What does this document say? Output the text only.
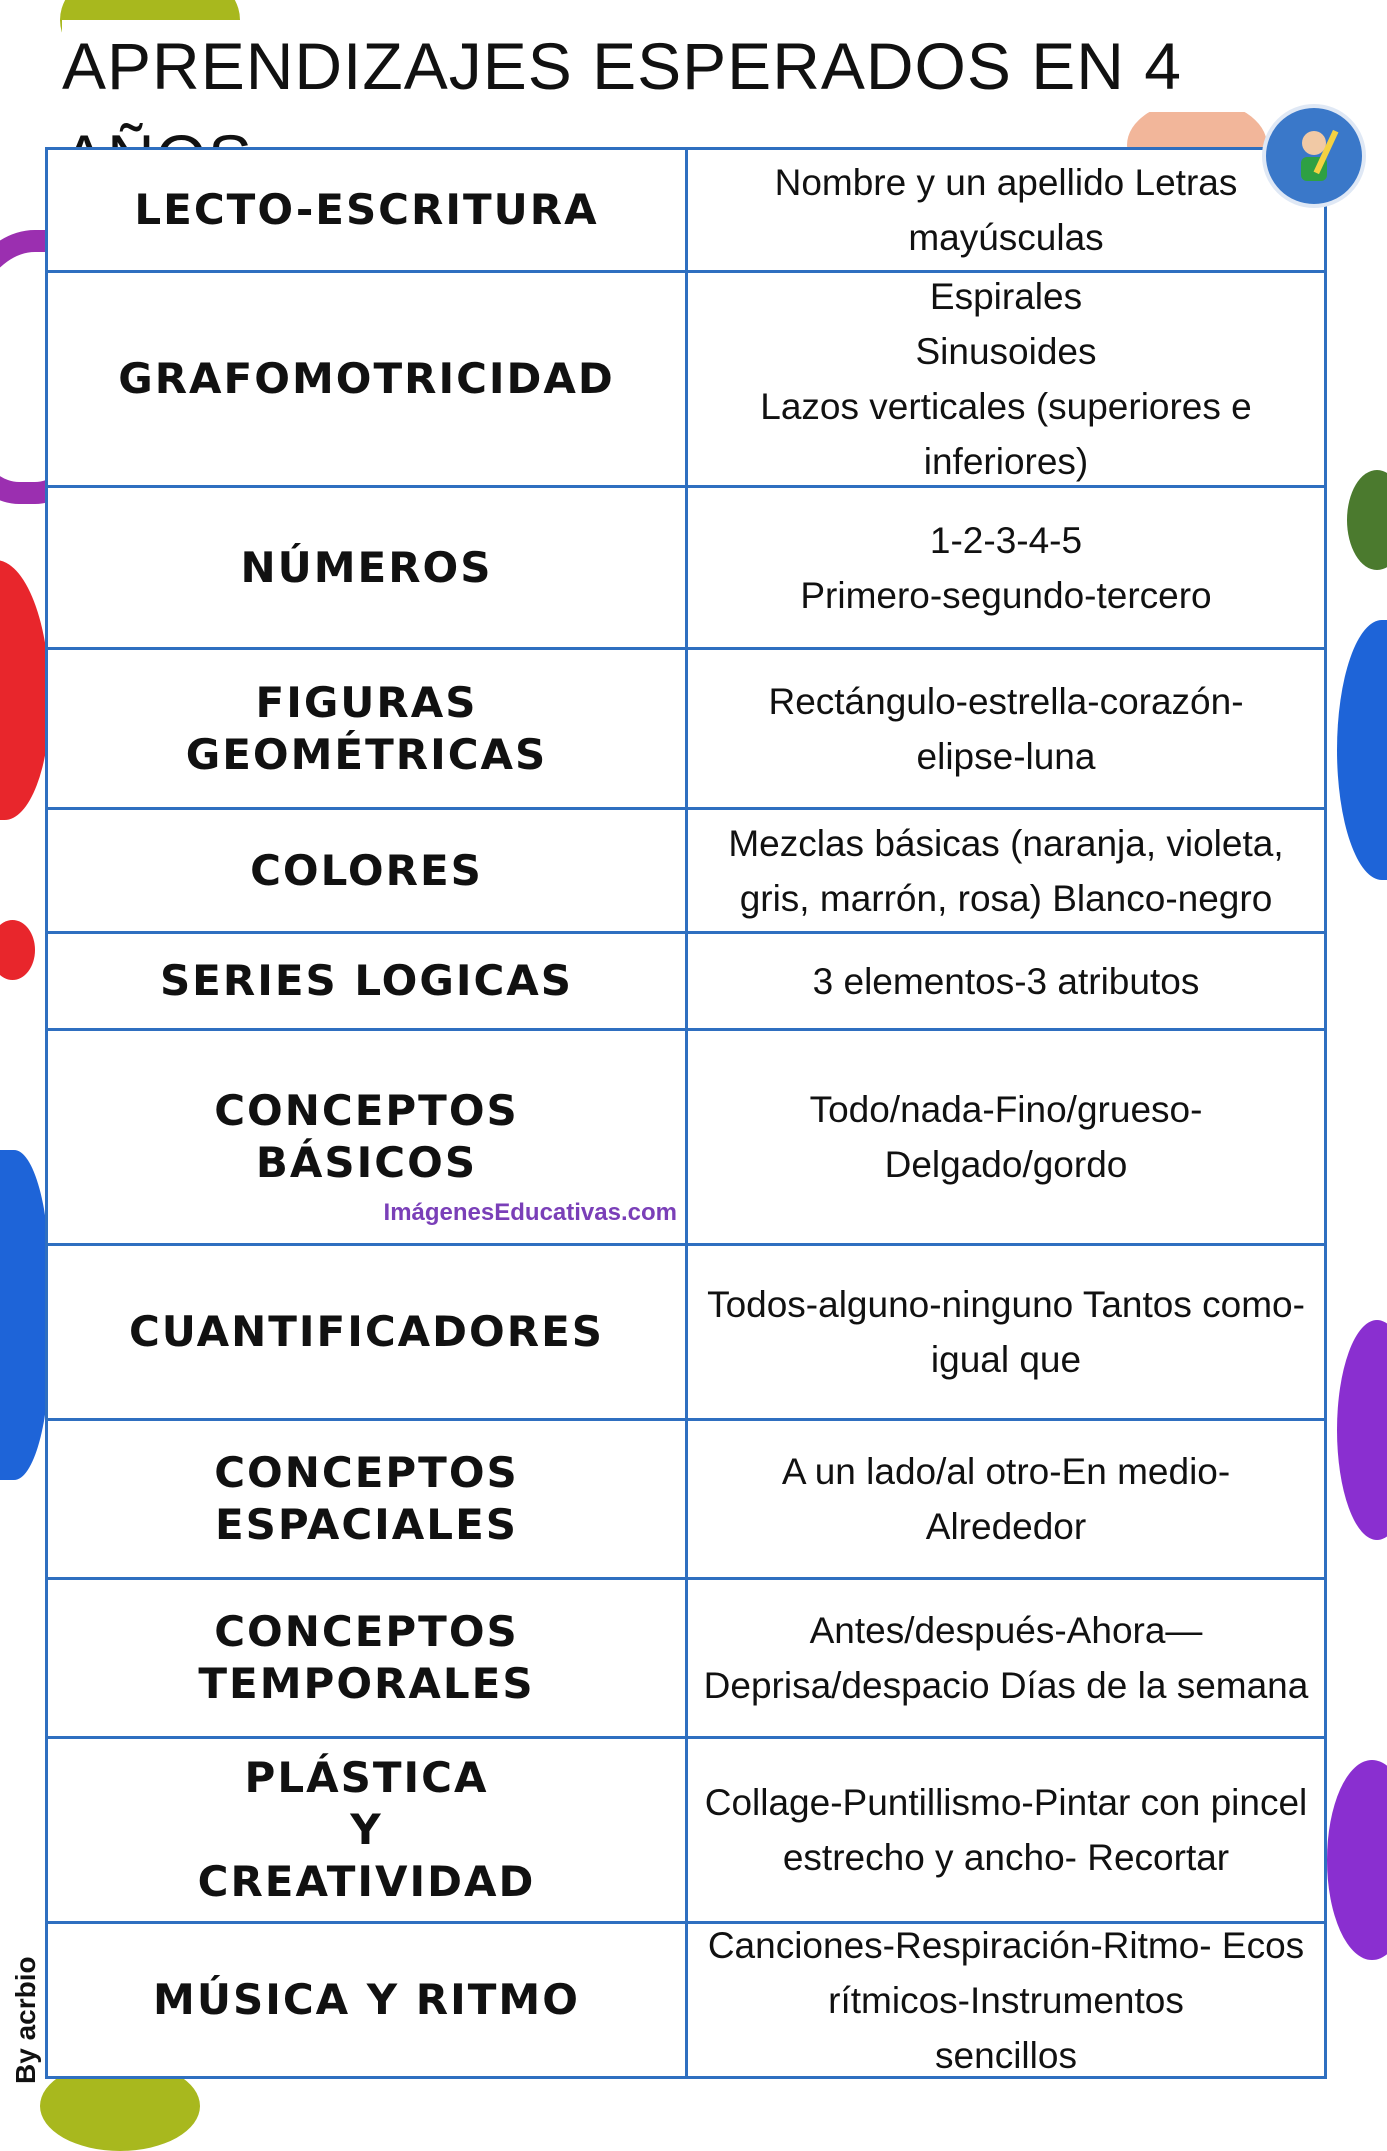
APRENDIZAJES ESPERADOS EN 4
LECTO-ESCRITURA
Nombre y un apellido Letras
mayúsculas
GRAFOMOTRICIDAD
Espirales
Sinusoides
Lazos verticales (superiores e
inferiores)
NÚMEROS
1-2-3-4-5
Primero-segundo-tercero
FIGURAS
GEOMÉTRICAS
Rectángulo-estrella-corazón-
elipse-luna
COLORES
Mezclas básicas (naranja, violeta,
gris, marrón, rosa) Blanco-negro
SERIES LOGICAS	3 elementos-3 atributos
CONCEPTOS
BÁSICOS
ImágenesEducativas.com
Todo/nada-Fino/grueso-
Delgado/gordo
CUANTIFICADORES
Todos-alguno-ninguno Tantos como-
igual que
CONCEPTOS
ESPACIALES
A un lado/al otro-En medio-
Alrededor
CONCEPTOS
TEMPORALES
Antes/después-Ahora—
Deprisa/despacio Días de la semana
PLÁSTICA
Y
CREATIVIDAD
Collage-Puntillismo-Pintar con pincel
estrecho y ancho- Recortar
MÚSICA Y RITMO
Canciones-Respiración-Ritmo- Ecos
rítmicos-Instrumentos
sencillos
By acrbio
